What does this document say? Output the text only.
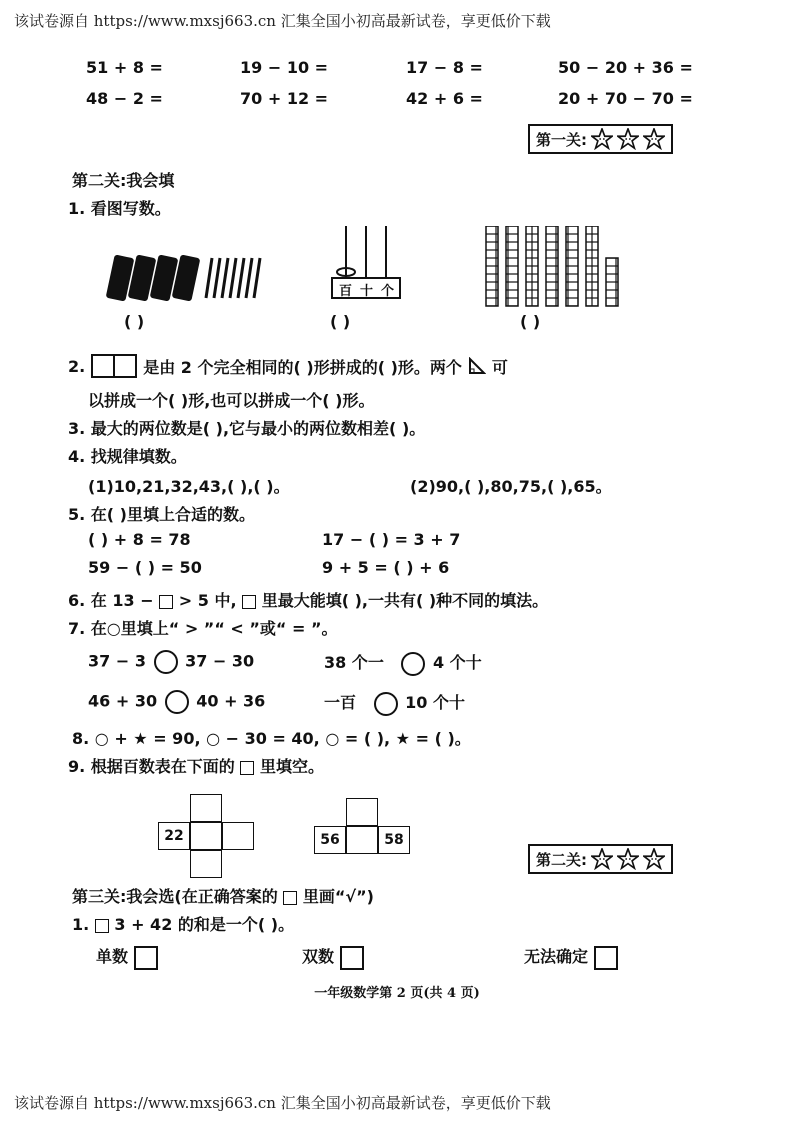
该试卷源自 https://www.mxsj663.cn 汇集全国小初高最新试卷，享更低价下载
51 + 8 =	19 − 10 =	17 − 8 =	50 − 20 + 36 =
48 − 2 =	70 + 12 =	42 + 6 =	20 + 70 − 70 =
第一关:
第二关:我会填
1. 看图写数。
百 十 个
( )	( )	( )
2.	是由 2 个完全相同的( )形拼成的( )形。两个 可
以拼成一个( )形,也可以拼成一个( )形。
3. 最大的两位数是( ),它与最小的两位数相差( )。
4. 找规律填数。
(1)10,21,32,43,( ),( )。	(2)90,( ),80,75,( ),65。
5. 在( )里填上合适的数。
( ) + 8 = 78	17 − ( ) = 3 + 7
59 − ( ) = 50	9 + 5 = ( ) + 6
6. 在 13 − > 5 中, 里最大能填( ),一共有( )种不同的填法。
7. 在○里填上“ > ”“ < ”或“ = ”。
37 − 3 37 − 30	38 个一	4 个十
46 + 30 40 + 36	一百	10 个十
8. ○ + ★ = 90, ○ − 30 = 40, ○ = ( ), ★ = ( )。
9. 根据百数表在下面的 里填空。
22	56	58
第二关:
第三关:我会选(在正确答案的 里画“√”)
1. 3 + 42 的和是一个( )。
单数	双数	无法确定
一年级数学第 2 页(共 4 页)
该试卷源自 https://www.mxsj663.cn 汇集全国小初高最新试卷，享更低价下载
